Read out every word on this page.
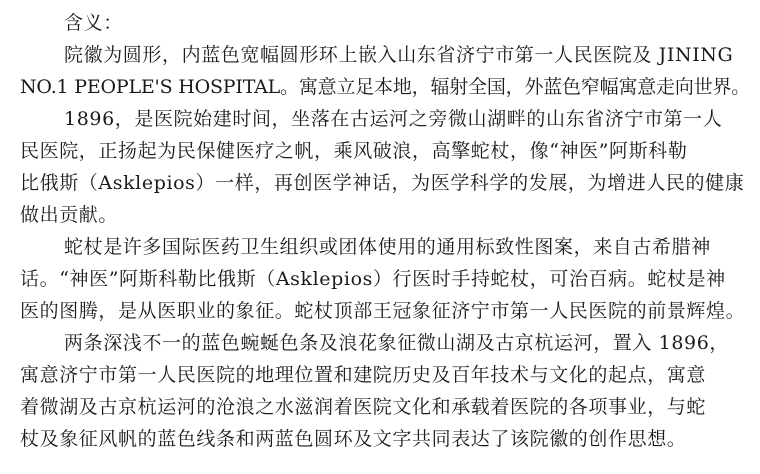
含义：
院徽为圆形，内蓝色宽幅圆形环上嵌入山东省济宁市第一人民医院及 JINING
NO.1 PEOPLE'S HOSPITAL。寓意立足本地，辐射全国，外蓝色窄幅寓意走向世界。
1896，是医院始建时间，坐落在古运河之旁微山湖畔的山东省济宁市第一人
民医院，正扬起为民保健医疗之帆，乘风破浪，高擎蛇杖，像“神医”阿斯科勒
比俄斯（Asklepios）一样，再创医学神话，为医学科学的发展，为增进人民的健康
做出贡献。
蛇杖是许多国际医药卫生组织或团体使用的通用标致性图案，来自古希腊神
话。“神医”阿斯科勒比俄斯（Asklepios）行医时手持蛇杖，可治百病。蛇杖是神
医的图腾，是从医职业的象征。蛇杖顶部王冠象征济宁市第一人民医院的前景辉煌。
两条深浅不一的蓝色蜿蜒色条及浪花象征微山湖及古京杭运河，置入 1896，
寓意济宁市第一人民医院的地理位置和建院历史及百年技术与文化的起点，寓意
着微湖及古京杭运河的沧浪之水滋润着医院文化和承载着医院的各项事业，与蛇
杖及象征风帆的蓝色线条和两蓝色圆环及文字共同表达了该院徽的创作思想。
